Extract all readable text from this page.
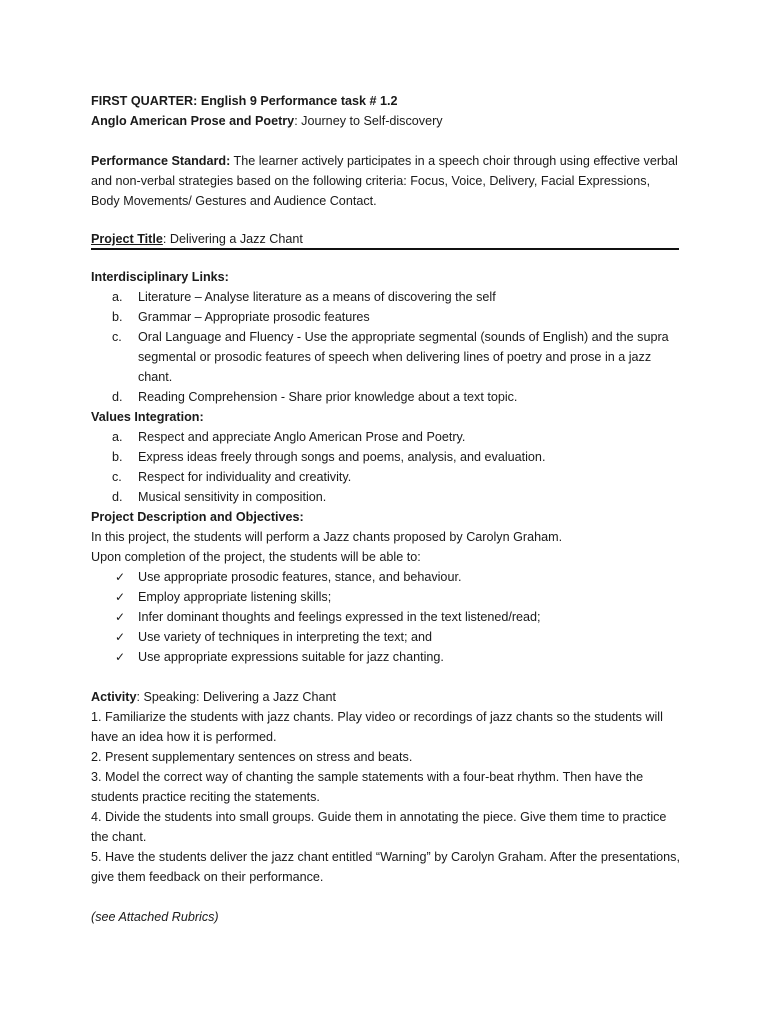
FIRST QUARTER: English 9 Performance task # 1.2

Anglo American Prose and Poetry: Journey to Self-discovery

Performance Standard: The learner actively participates in a speech choir through using effective verbal and non-verbal strategies based on the following criteria: Focus, Voice, Delivery, Facial Expressions, Body Movements/ Gestures and Audience Contact.

Project Title: Delivering a Jazz Chant

Interdisciplinary Links:

a. Literature – Analyse literature as a means of discovering the self
b. Grammar – Appropriate prosodic features
c. Oral Language and Fluency - Use the appropriate segmental (sounds of English) and the supra segmental or prosodic features of speech when delivering lines of poetry and prose in a jazz chant.
d. Reading Comprehension - Share prior knowledge about a text topic.

Values Integration:

a. Respect and appreciate Anglo American Prose and Poetry.
b. Express ideas freely through songs and poems, analysis, and evaluation.
c. Respect for individuality and creativity.
d. Musical sensitivity in composition.

Project Description and Objectives:

In this project, the students will perform a Jazz chants proposed by Carolyn Graham.

Upon completion of the project, the students will be able to:

✓ Use appropriate prosodic features, stance, and behaviour.
✓ Employ appropriate listening skills;
✓ Infer dominant thoughts and feelings expressed in the text listened/read;
✓ Use variety of techniques in interpreting the text; and
✓ Use appropriate expressions suitable for jazz chanting.

Activity: Speaking: Delivering a Jazz Chant

1. Familiarize the students with jazz chants. Play video or recordings of jazz chants so the students will have an idea how it is performed.

2. Present supplementary sentences on stress and beats.

3. Model the correct way of chanting the sample statements with a four-beat rhythm. Then have the students practice reciting the statements.

4. Divide the students into small groups. Guide them in annotating the piece. Give them time to practice the chant.

5. Have the students deliver the jazz chant entitled “Warning” by Carolyn Graham. After the presentations, give them feedback on their performance.

(see Attached Rubrics)
